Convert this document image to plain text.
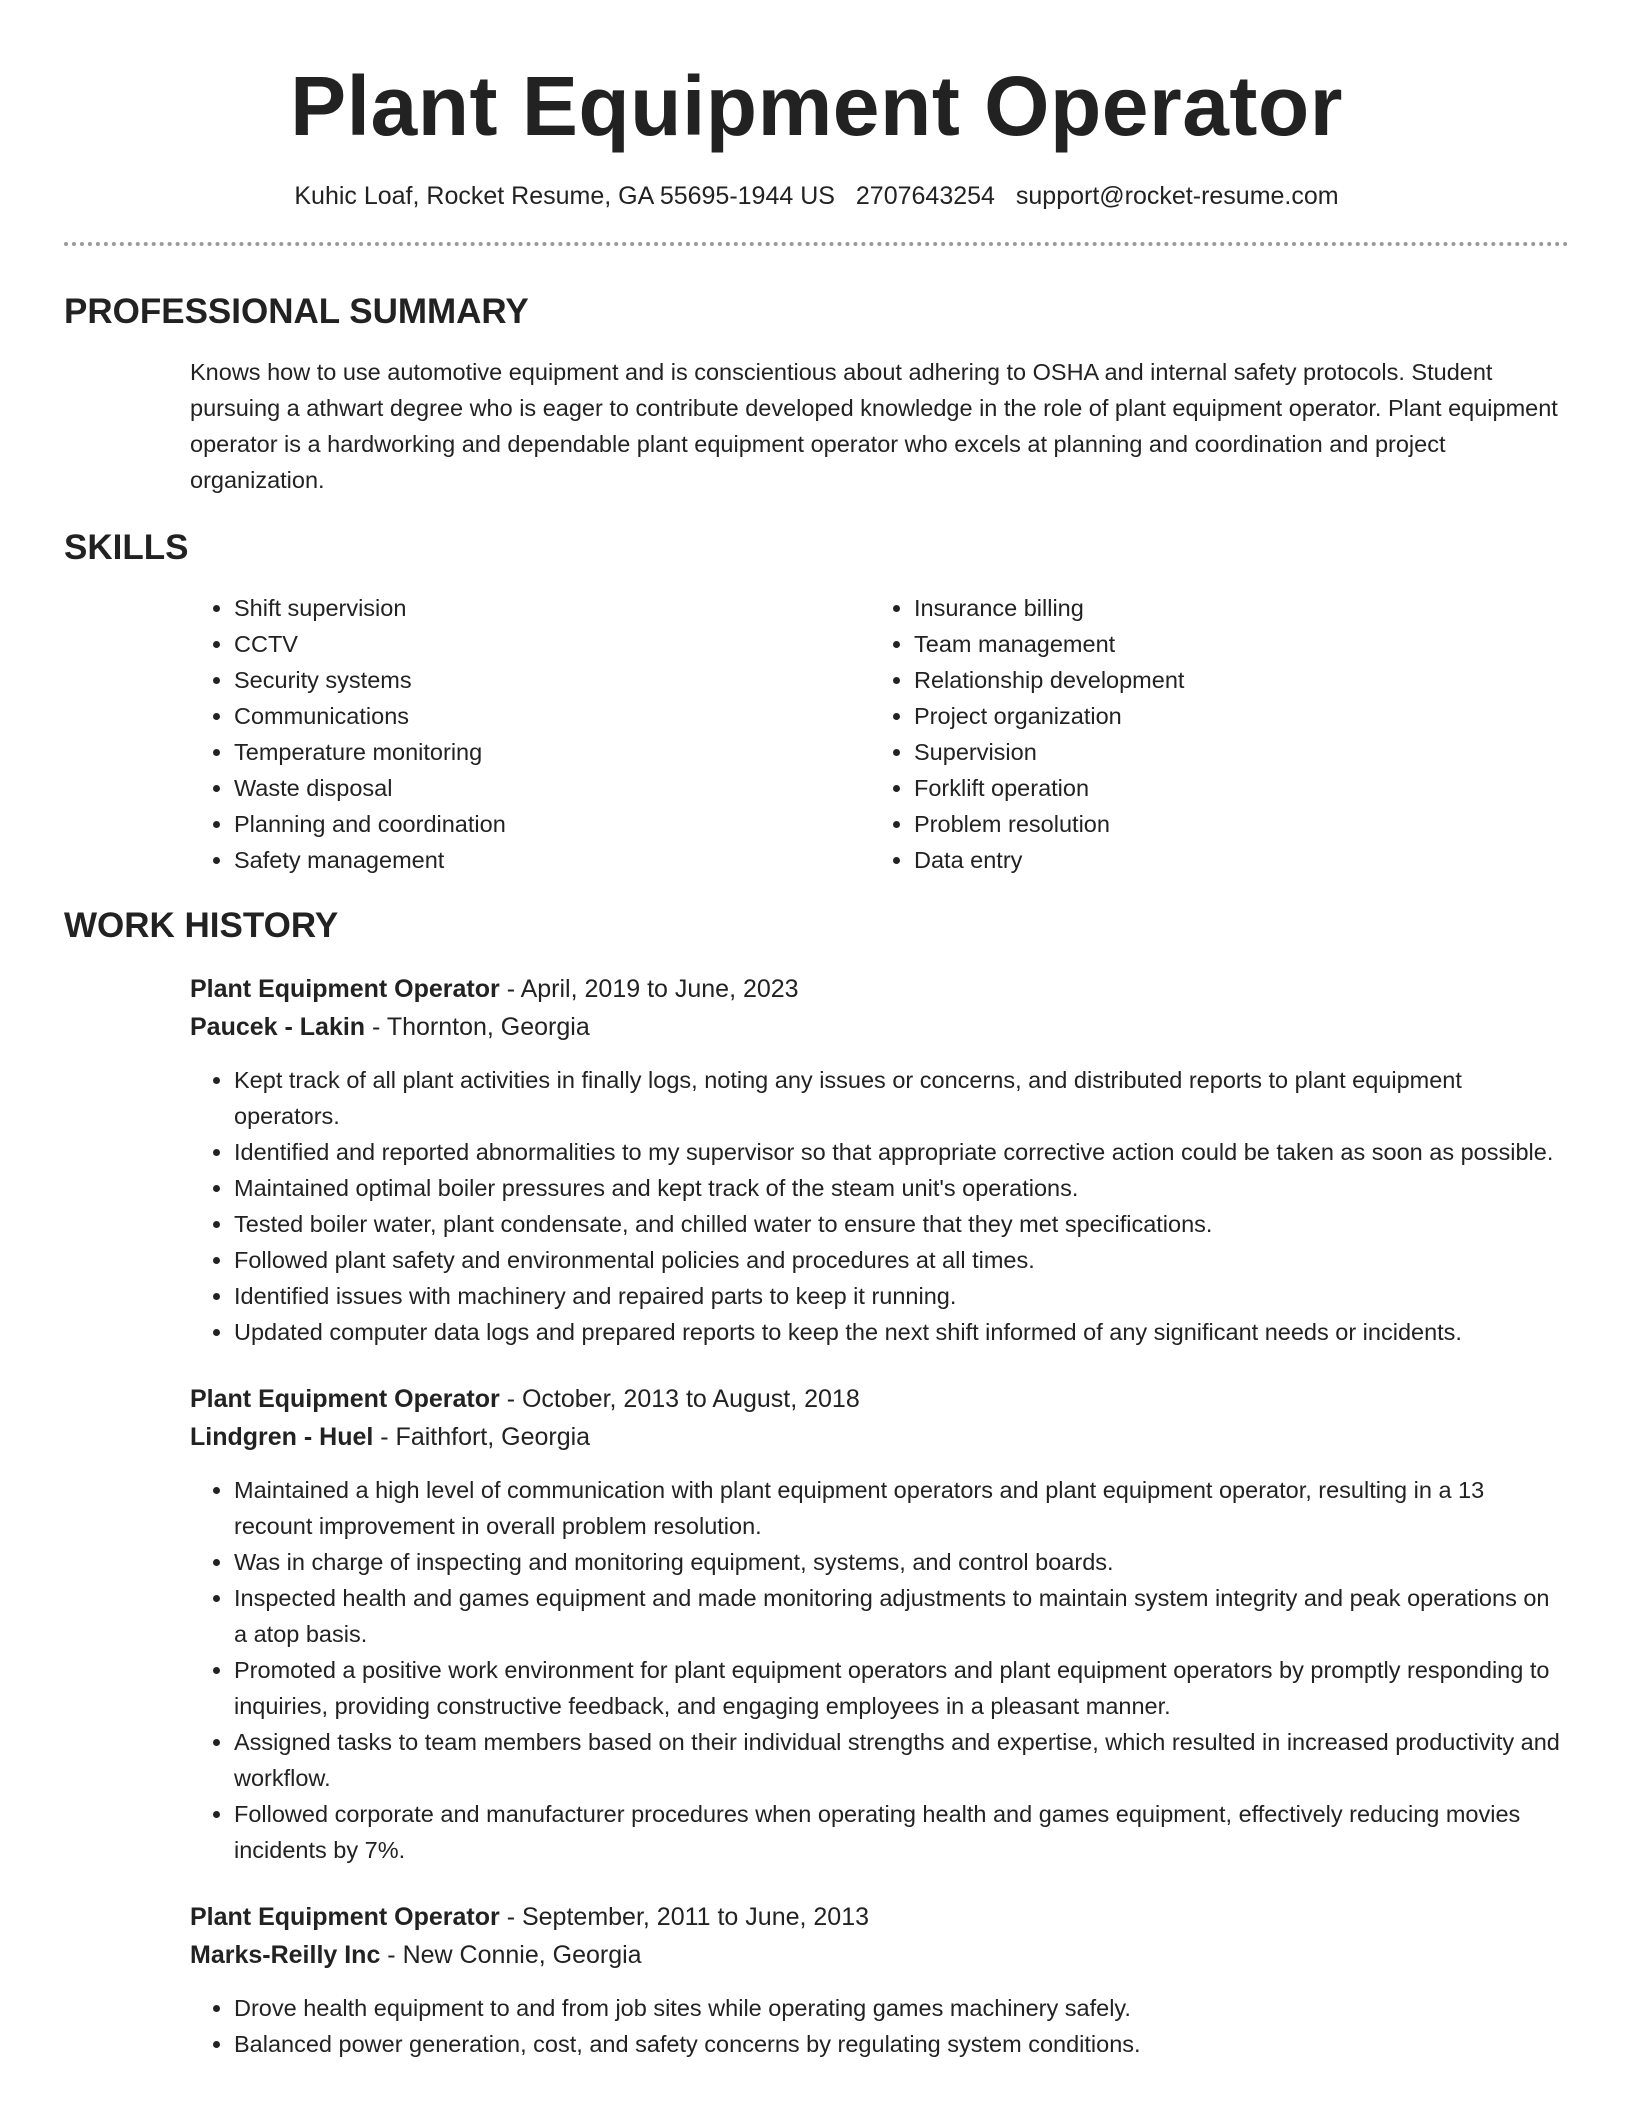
Plant Equipment Operator
Kuhic Loaf, Rocket Resume, GA 55695-1944 US 2707643254 support@rocket-resume.com
PROFESSIONAL SUMMARY
Knows how to use automotive equipment and is conscientious about adhering to OSHA and internal safety protocols. Student pursuing a athwart degree who is eager to contribute developed knowledge in the role of plant equipment operator. Plant equipment operator is a hardworking and dependable plant equipment operator who excels at planning and coordination and project organization.
SKILLS
• Shift supervision
• CCTV
• Security systems
• Communications
• Temperature monitoring
• Waste disposal
• Planning and coordination
• Safety management
• Insurance billing
• Team management
• Relationship development
• Project organization
• Supervision
• Forklift operation
• Problem resolution
• Data entry
WORK HISTORY
Plant Equipment Operator - April, 2019 to June, 2023
Paucek - Lakin - Thornton, Georgia
• Kept track of all plant activities in finally logs, noting any issues or concerns, and distributed reports to plant equipment operators.
• Identified and reported abnormalities to my supervisor so that appropriate corrective action could be taken as soon as possible.
• Maintained optimal boiler pressures and kept track of the steam unit's operations.
• Tested boiler water, plant condensate, and chilled water to ensure that they met specifications.
• Followed plant safety and environmental policies and procedures at all times.
• Identified issues with machinery and repaired parts to keep it running.
• Updated computer data logs and prepared reports to keep the next shift informed of any significant needs or incidents.
Plant Equipment Operator - October, 2013 to August, 2018
Lindgren - Huel - Faithfort, Georgia
• Maintained a high level of communication with plant equipment operators and plant equipment operator, resulting in a 13 recount improvement in overall problem resolution.
• Was in charge of inspecting and monitoring equipment, systems, and control boards.
• Inspected health and games equipment and made monitoring adjustments to maintain system integrity and peak operations on a atop basis.
• Promoted a positive work environment for plant equipment operators and plant equipment operators by promptly responding to inquiries, providing constructive feedback, and engaging employees in a pleasant manner.
• Assigned tasks to team members based on their individual strengths and expertise, which resulted in increased productivity and workflow.
• Followed corporate and manufacturer procedures when operating health and games equipment, effectively reducing movies incidents by 7%.
Plant Equipment Operator - September, 2011 to June, 2013
Marks-Reilly Inc - New Connie, Georgia
• Drove health equipment to and from job sites while operating games machinery safely.
• Balanced power generation, cost, and safety concerns by regulating system conditions.
